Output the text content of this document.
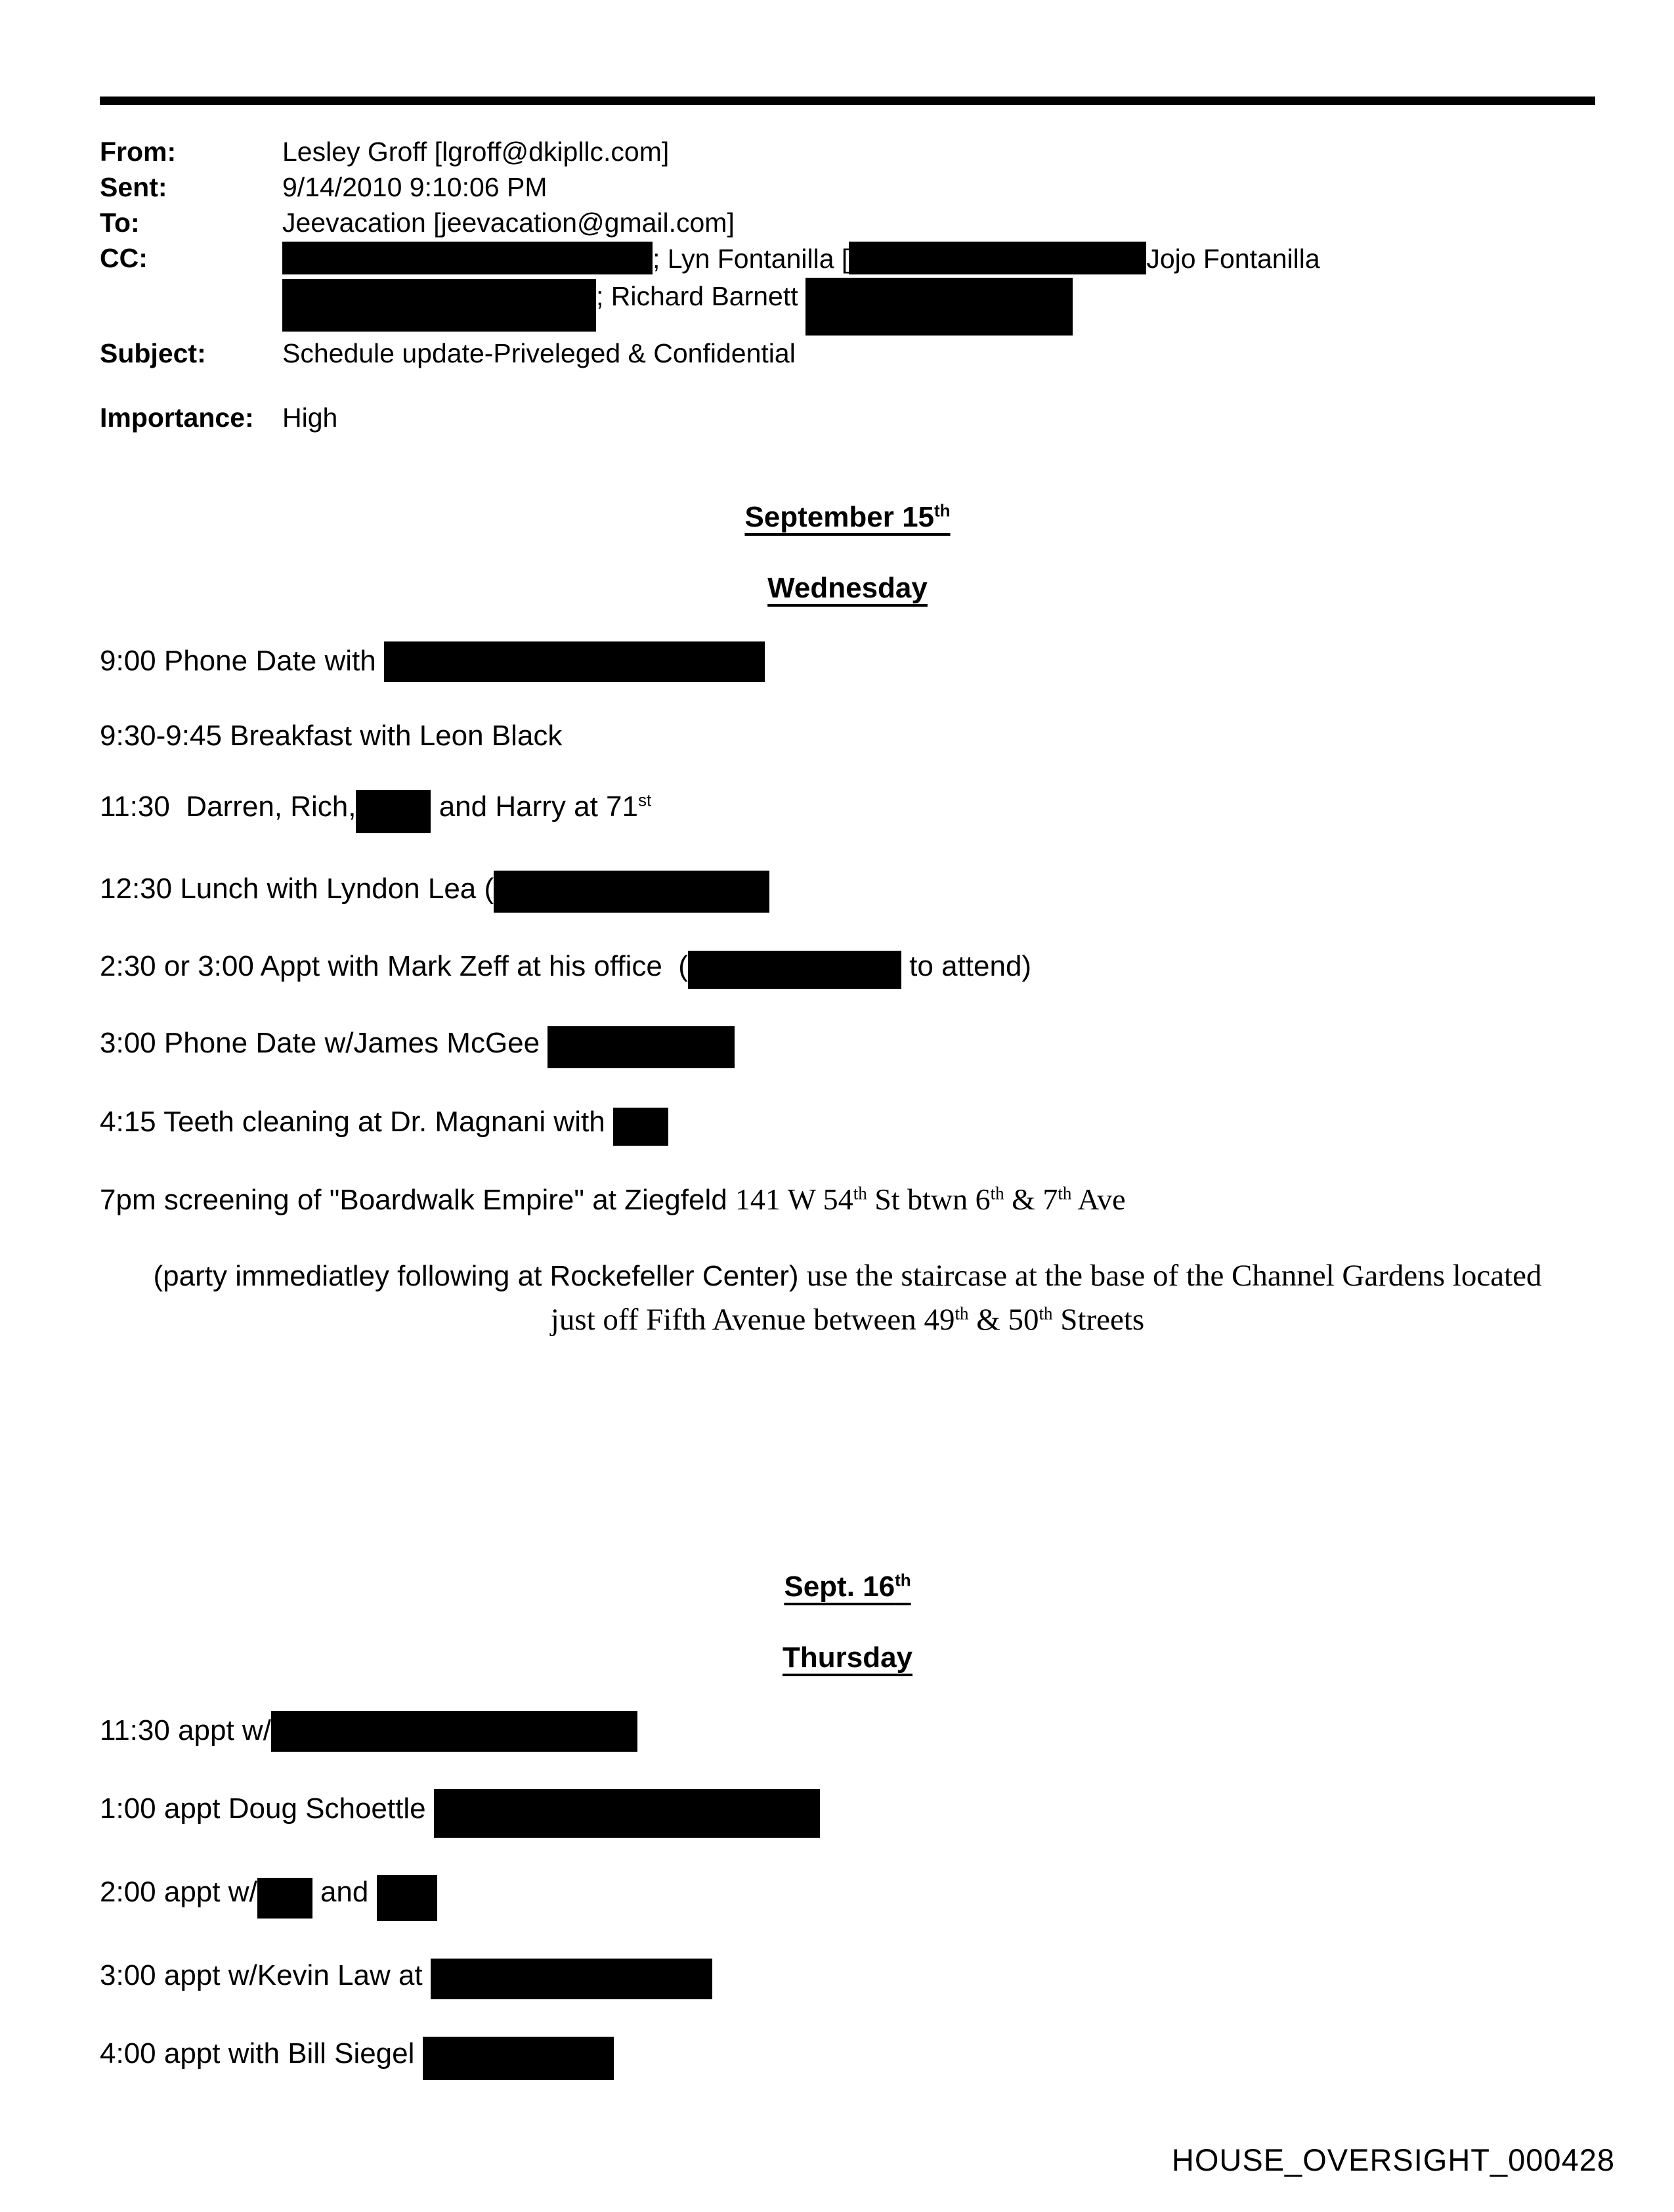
From:	Lesley Groff [lgroff@dkipllc.com]
Sent:	9/14/2010 9:10:06 PM
To:	Jeevacation [jeevacation@gmail.com]
CC:	; Lyn Fontanilla [	Jojo Fontanilla
; Richard Barnett
Subject:	Schedule update-Priveleged & Confidential
Importance:	High
September 15th
Wednesday
9:00 Phone Date with
9:30-9:45 Breakfast with Leon Black
11:30  Darren, Rich,	and Harry at 71st
12:30 Lunch with Lyndon Lea (
2:30 or 3:00 Appt with Mark Zeff at his office  (	to attend)
3:00 Phone Date w/James McGee
4:15 Teeth cleaning at Dr. Magnani with
7pm screening of "Boardwalk Empire" at Ziegfeld 141 W 54th St btwn 6th & 7th Ave
(party immediatley following at Rockefeller Center) use the staircase at the base of the Channel Gardens located
just off Fifth Avenue between 49th & 50th Streets
Sept. 16th
Thursday
11:30 appt w/
1:00 appt Doug Schoettle
2:00 appt w/ and
3:00 appt w/Kevin Law at
4:00 appt with Bill Siegel
HOUSE_OVERSIGHT_000428
